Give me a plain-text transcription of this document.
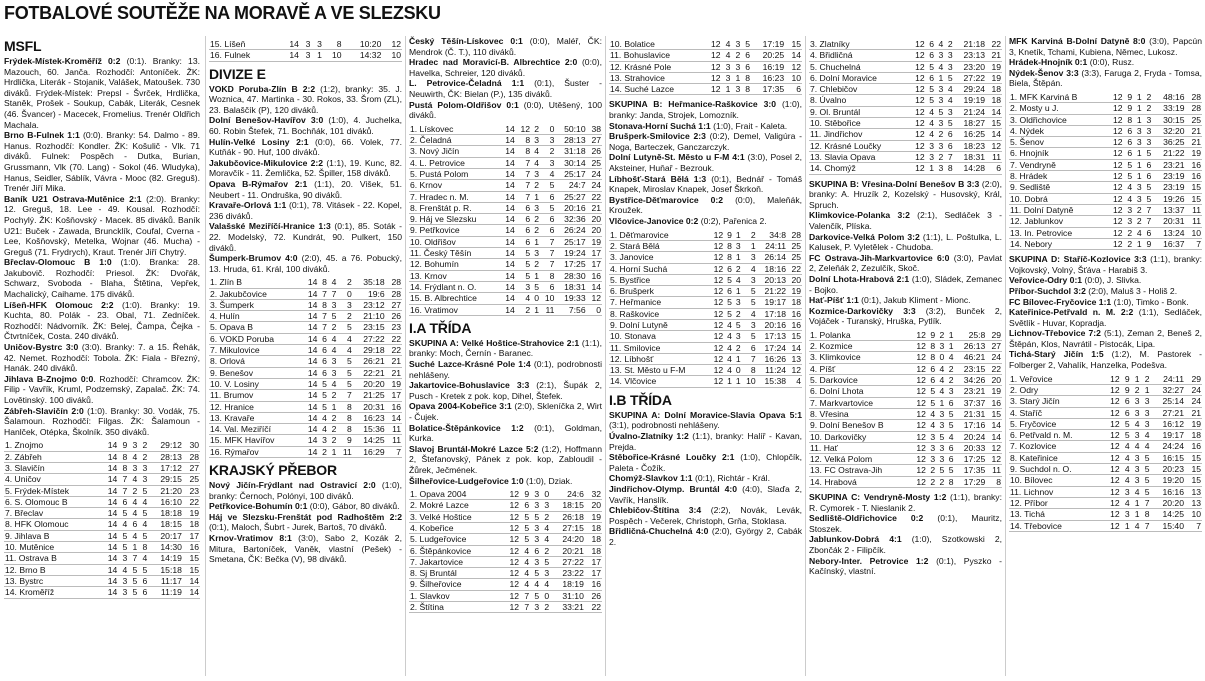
FOTBALOVÉ SOUTĚŽE NA MORAVĚ A VE SLEZSKU
MSFL
Frýdek-Místek-Kroměříž 0:2 (0:1). Branky: 13. Mazouch, 60. Janča. Rozhodčí: Antoníček. ŽK: Hrdlička, Literák - Stojanik, Valášek, Matoušek. 730 diváků. Frýdek-Místek: Prepsl - Švrček, Hrdlička, Staněk, Prošek - Soukup, Cabák, Literák, Cesnek (46. Švancer) - Macecek, Fromelius. Trenér Oldřich Machala.
Brno B-Fulnek 1:1 (0:0). Branky: 54. Dalmo - 89. Hanus. Rozhodčí: Kondler. ŽK: Košulič - Vlk. 71 diváků. Fulnek: Pospěch - Dutka, Burian, Grussmann, Vlk (70. Lang) - Sokol (46. Wludyka), Hanus, Seidler, Sáblík, Vávra - Mooc (82. Greguš). Trenér Jiří Mika.
Baník U21 Ostrava-Mutěnice 2:1 (2:0). Branky: 12. Greguš, 18. Lee - 49. Kousal. Rozhodčí: Pochylý. ŽK: Košňovský - Macek. 85 diváků. Baník U21: Buček - Zawada, Bruncklík, Coufal, Cverna - Lee, Košňovský, Metelka, Wojnar (46. Mucha) - Greguš (71. Frydrych), Kraut. Trenér Jiří Chytrý.
Břeclav-Olomouc B 1:0 (1:0). Branka: 28. Jakubovič. Rozhodčí: Priesol. ŽK: Dvořák, Schwarz, Svoboda - Blaha, Štětina, Vepřek, Machalický, Caihame. 175 diváků.
Líšeň-HFK Olomouc 2:2 (1:0). Branky: 19. Kuchta, 80. Polák - 23. Obal, 71. Zedníček. Rozhodčí: Nádvorník. ŽK: Belej, Čampa, Čejka - Čtvrtníček, Costa. 240 diváků.
Uničov-Bystrc 3:0 (3:0). Branky: 7. a 15. Řehák, 42. Nemet. Rozhodčí: Tobola. ŽK: Fiala - Březný, Hanák. 240 diváků.
Jihlava B-Znojmo 0:0. Rozhodčí: Chramcov. ŽK: Filip - Vavřík, Kruml, Podzemský, Zapalač. ŽK: 74. Lovětinský. 100 diváků.
Zábřeh-Slavičín 2:0 (1:0). Branky: 30. Vodák, 75. Šalamoun. Rozhodčí: Filgas. ŽK: Šalamoun - Hanlček, Otépka, Školník. 350 diváků.
1. Znojmo	14	9	3	2	29:12	30
2. Zábřeh	14	8	4	2	28:13	28
3. Slavičín	14	8	3	3	17:12	27
4. Uničov	14	7	4	3	29:15	25
5. Frýdek-Místek	14	7	2	5	21:20	23
6. S. Olomouc B	14	6	4	4	16:10	22
7. Břeclav	14	5	4	5	18:18	19
8. HFK Olomouc	14	4	6	4	18:15	18
9. Jihlava B	14	5	4	5	20:17	17
10. Mutěnice	14	5	1	8	14:30	16
11. Ostrava B	14	3	7	4	14:19	15
12. Brno B	14	4	5	5	15:18	15
13. Bystrc	14	3	5	6	11:17	14
14. Kroměříž	14	3	5	6	11:19	14
15. Líšeň	14	3	3	8	10:20	12
16. Fulnek	14	3	1	10	14:32	10
DIVIZE E
VOKD Poruba-Zlín B 2:2 (1:2), branky: 35. J. Woznica, 47. Martinka - 30. Rokos, 33. Šrom (ZL), 23. Balaščík (P), 120 diváků.
Dolní Benešov-Havířov 3:0 (1:0), 4. Juchelka, 60. Robin Štefek, 71. Bochňák, 101 diváků.
Hulín-Velké Losiny 2:1 (0:0), 66. Volek, 77. Kutňák - 90. Huf, 100 diváků.
Jakubčovice-Mikulovice 2:2 (1:1), 19. Kunc, 82. Moravčík - 11. Žemlička, 52. Špiller, 158 diváků.
Opava B-Rýmařov 2:1 (1:1), 20. Višek, 51. Neubert - 11. Ondruška, 90 diváků.
Kravaře-Orlová 1:1 (0:1), 78. Vitásek - 22. Kopel, 236 diváků.
Valašské Meziříčí-Hranice 1:3 (0:1), 85. Soták - 22. Modelský, 72. Kundrát, 90. Pulkert, 150 diváků.
Šumperk-Brumov 4:0 (2:0), 45. a 76. Pobucký, 13. Hruda, 61. Král, 100 diváků.
1. Zlín B	14	8	4	2	35:18	28
2. Jakubčovice	14	7	7	0	19:6	28
3. Šumperk	14	8	3	3	23:12	27
4. Hulín	14	7	5	2	21:10	26
5. Opava B	14	7	2	5	23:15	23
6. VOKD Poruba	14	6	4	4	27:22	22
7. Mikulovice	14	6	4	4	29:18	22
8. Orlová	14	6	3	5	26:21	21
9. Benešov	14	6	3	5	22:21	21
10. V. Losiny	14	5	4	5	20:20	19
11. Brumov	14	5	2	7	21:25	17
12. Hranice	14	5	1	8	20:31	16
13. Kravaře	14	4	2	8	16:23	14
14. Val. Meziříčí	14	4	2	8	15:36	11
15. MFK Havířov	14	3	2	9	14:25	11
16. Rýmařov	14	2	1	11	16:29	7
KRAJSKÝ PŘEBOR
Nový Jičín-Frýdlant nad Ostravicí 2:0 (1:0), branky: Černoch, Polónyi, 100 diváků.
Petřkovice-Bohumín 0:1 (0:0), Gábor, 80 diváků.
Háj ve Slezsku-Frenštát pod Radhoštěm 2:2 (0:1), Maloch, Šubrt - Jurek, Bartoš, 70 diváků.
Krnov-Vratimov 8:1 (3:0), Sabo 2, Kozák 2, Mitura, Bartoníček, Vaněk, vlastní (Pešek) - Smetana, ČK: Bečka (V), 98 diváků.
Český Těšín-Lískovec 0:1 (0:0), Maléř, ČK: Mendrok (Č. T.), 110 diváků.
Hradec nad Moravicí-B. Albrechtice 2:0 (0:0), Havelka, Schreier, 120 diváků.
L. Petrovice-Čeladná 1:1 (0:1), Šuster - Neuwirth, ČK: Bielan (P.), 135 diváků.
Pustá Polom-Oldřišov 0:1 (0:0), Utěšený, 100 diváků.
1. Lískovec	14	12	2	0	50:10	38
2. Čeladná	14	8	3	3	28:13	27
3. Nový Jičín	14	8	4	2	31:18	26
4. L. Petrovice	14	7	4	3	30:14	25
5. Pustá Polom	14	7	3	4	25:17	24
6. Krnov	14	7	2	5	24:7	24
7. Hradec n. M.	14	7	1	6	25:27	22
8. Frenštát p. R.	14	6	3	5	20:16	21
9. Háj ve Slezsku	14	6	2	6	32:36	20
9. Petřkovice	14	6	2	6	26:24	20
10. Oldřišov	14	6	1	7	25:17	19
11. Český Těšín	14	5	3	7	19:24	17
12. Bohumín	14	5	2	7	17:25	17
13. Krnov	14	5	1	8	28:30	16
14. Frýdlant n. O.	14	3	5	6	18:31	14
15. B. Albrechtice	14	4	0	10	19:33	12
16. Vratimov	14	2	1	11	7:56	0
I.A TŘÍDA
SKUPINA A: Velké Hoštice-Strahovice 2:1 (1:1), branky: Moch, Černín - Baranec.
Suché Lazce-Krásné Pole 1:4 (0:1), podrobnosti nehlášeny.
Jakartovice-Bohuslavice 3:3 (2:1), Šupák 2, Pusch - Kretek z pok. kop, Dihel, Štefek.
Opava 2004-Kobeřice 3:1 (2:0), Skleníčka 2, Wirt - Čujek.
Bolatice-Štěpánkovice 1:2 (0:1), Goldman, Kurka.
Slavoj Bruntál-Mokré Lazce 5:2 (1:2), Hoffmann 2, Štefanovský, Pánek z pok. kop, Zabloudil - Žůrek, Ječmének.
Šilheřovice-Ludgeřovice 1:0 (1:0), Dziak.
1. Opava 2004	12	9	3	0	24:6	32
2. Mokré Lazce	12	6	3	3	18:15	20
3. Velké Hoštice	12	5	5	2	26:18	19
4. Kobeřice	12	5	3	4	27:15	18
5. Ludgeřovice	12	5	3	4	24:20	18
6. Štěpánkovice	12	4	6	2	20:21	18
7. Jakartovice	12	4	3	5	27:22	17
8. Sj Bruntál	12	4	5	3	23:22	17
9. Šilheřovice	12	4	4	4	18:19	16
1. Slavkov	12	7	5	0	31:10	26
2. Štítina	12	7	3	2	33:21	22
10. Bolatice	12	4	3	5	17:19	15
11. Bohuslavice	12	4	2	6	20:25	14
12. Krásné Pole	12	3	3	6	16:19	12
13. Strahovice	12	3	1	8	16:23	10
14. Suché Lazce	12	1	3	8	17:35	6
SKUPINA B: Heřmanice-Raškovice 3:0 (1:0), branky: Janda, Strojek, Lomozník.
Stonava-Horní Suchá 1:1 (1:0), Frait - Kaleta.
Brušperk-Smilovice 2:3 (0:2), Demel, Valigúra - Noga, Barteczek, Ganczarczyk.
Dolní Lutyně-St. Město u F-M 4:1 (3:0), Posel 2, Aksteiner, Huňař - Bezrouk.
Líbhošť-Stará Bělá 1:3 (0:1), Bednář - Tomáš Knapek, Miroslav Knapek, Josef Škrkoň.
Bystřice-Děťmarovice 0:2 (0:0), Maleňák, Kroužek.
Vlčovice-Janovice 0:2 (0:2), Pařenica 2.
1. Děťmarovice	12	9	1	2	34:8	28
2. Stará Bělá	12	8	3	1	24:11	25
3. Janovice	12	8	1	3	26:14	25
4. Horní Suchá	12	6	2	4	18:16	22
5. Bystřice	12	5	4	3	20:13	20
6. Brušperk	12	6	1	5	21:22	19
7. Heřmanice	12	5	3	5	19:17	18
8. Raškovice	12	5	2	4	17:18	16
9. Dolní Lutyně	12	4	5	3	20:16	16
10. Stonava	12	4	3	5	17:13	15
11. Smilovice	12	4	2	6	17:24	14
12. Líbhošť	12	4	1	7	16:26	13
13. St. Město u F-M	12	4	0	8	11:24	12
14. Vlčovice	12	1	1	10	15:38	4
I.B TŘÍDA
SKUPINA A: Dolní Moravice-Slavia Opava 5:1 (3:1), podrobnosti nehlášeny.
Úvalno-Zlatníky 1:2 (1:1), branky: Halíř - Kavan, Prejda.
Stěbořice-Krásné Loučky 2:1 (1:0), Chlopčík, Paleta - Čožík.
Chomýž-Slavkov 1:1 (0:1), Richtár - Král.
Jindřichov-Olymp. Bruntál 4:0 (4:0), Slaďa 2, Vavřík, Hanslík.
Chlebičov-Štítina 3:4 (2:2), Novák, Levák, Pospěch - Večerek, Christoph, Grňa, Stoklasa.
Břidličná-Chuchelná 4:0 (2:0), György 2, Cabák 2.
3. Zlatníky	12	6	4	2	21:18	22
4. Břidličná	12	6	3	3	23:13	21
5. Chuchelná	12	5	4	3	23:20	19
6. Dolní Moravice	12	6	1	5	27:22	19
7. Chlebičov	12	5	3	4	29:24	18
8. Úvalno	12	5	3	4	19:19	18
9. Ol. Bruntál	12	4	5	3	21:24	14
10. Stěbořice	12	4	3	5	18:27	15
11. Jindřichov	12	4	2	6	16:25	14
12. Krásné Loučky	12	3	3	6	18:23	12
13. Slavia Opava	12	3	2	7	18:31	11
14. Chomýž	12	1	3	8	14:28	6
SKUPINA B: Vřesina-Dolní Benešov B 3:3 (2:0), branky: A. Hruzík 2, Kozelský - Husovský, Král, Spruch.
Klimkovice-Polanka 3:2 (2:1), Sedláček 3 - Valenčík, Plíska.
Darkovice-Velká Polom 3:2 (1:1), L. Poštulka, L. Kalusek, P. Vyletělek - Chudoba.
FC Ostrava-Jih-Markvartovice 6:0 (3:0), Pavlat 2, Zeleňák 2, Zezulčík, Skoč.
Dolní Lhota-Hrabová 2:1 (1:0), Sládek, Zemanec - Bojko.
Hať-Píšť 1:1 (0:1), Jakub Kliment - Mionc.
Kozmice-Darkovičky 3:3 (3:2), Bunček 2, Vojáček - Turanský, Hruška, Pytlík.
1. Polanka	12	9	2	1	25:8	29
2. Kozmice	12	8	3	1	26:13	27
3. Klimkovice	12	8	0	4	46:21	24
4. Píšť	12	6	4	2	23:15	22
5. Darkovice	12	6	4	2	34:26	20
6. Dolní Lhota	12	5	4	3	23:21	19
7. Markvartovice	12	5	1	6	37:37	16
8. Vřesina	12	4	3	5	21:31	15
9. Dolní Benešov B	12	4	3	5	17:16	14
10. Darkovičky	12	3	5	4	20:24	14
11. Hať	12	3	3	6	20:33	12
12. Velká Polom	12	3	3	6	17:25	12
13. FC Ostrava-Jih	12	2	5	5	17:35	11
14. Hrabová	12	2	2	8	17:29	8
SKUPINA C: Vendryně-Mosty 1:2 (1:1), branky: R. Cymorek - T. Nieslanik 2.
Sedliště-Oldřichovice 0:2 (0:1), Mauritz, Stoszek.
Jablunkov-Dobrá 4:1 (1:0), Szotkowski 2, Zbončák 2 - Filipčík.
Nebory-Inter. Petrovice 1:2 (0:1), Pyszko - Kačínský, vlastní.
MFK Karviná B-Dolní Datyně 8:0 (3:0), Papcún 3, Knetík, Tchami, Kubiena, Němec, Lukosz.
Hrádek-Hnojník 0:1 (0:0), Rusz.
Nýdek-Šenov 3:3 (3:3), Faruga 2, Fryda - Tomsa, Biela, Štěpán.
1. MFK Karviná B	12	9	1	2	48:16	28
2. Mosty u J.	12	9	1	2	33:19	28
3. Oldřichovice	12	8	1	3	30:15	25
4. Nýdek	12	6	3	3	32:20	21
5. Šenov	12	6	3	3	36:25	21
6. Hnojník	12	6	1	5	21:22	19
7. Vendryně	12	5	1	6	23:21	16
8. Hrádek	12	5	1	6	23:19	16
9. Sedliště	12	4	3	5	23:19	15
10. Dobrá	12	4	3	5	19:26	15
11. Dolní Datyně	12	3	2	7	13:37	11
12. Jablunkov	12	3	2	7	20:31	11
13. In. Petrovice	12	2	4	6	13:24	10
14. Nebory	12	2	1	9	16:37	7
SKUPINA D: Staříč-Kozlovice 3:3 (1:1), branky: Vojkovský, Volný, Šťáva - Harabiš 3.
Veřovice-Odry 0:1 (0:0), J. Slivka.
Příbor-Suchdol 3:2 (2:0), Maluš 3 - Holiš 2.
FC Bílovec-Fryčovice 1:1 (1:0), Timko - Bonk.
Kateřinice-Petřvald n. M. 2:2 (1:1), Sedláček, Světlík - Huvar, Kopradja.
Lichnov-Třebovice 7:2 (5:1), Zeman 2, Beneš 2, Štěpán, Klos, Navrátil - Pistocák, Lipa.
Tichá-Starý Jičín 1:5 (1:2), M. Pastorek - Folberger 2, Vahalík, Hanzelka, Podešva.
1. Veřovice	12	9	1	2	24:11	29
2. Odry	12	9	2	1	32:27	24
3. Starý Jičín	12	6	3	3	25:14	24
4. Staříč	12	6	3	3	27:21	21
5. Fryčovice	12	5	4	3	16:12	19
6. Petřvald n. M.	12	5	3	4	19:17	18
7. Kozlovice	12	4	4	4	24:24	16
8. Kateřinice	12	4	3	5	16:15	15
9. Suchdol n. O.	12	4	3	5	20:23	15
10. Bílovec	12	4	3	5	19:20	15
11. Lichnov	12	3	4	5	16:16	13
12. Příbor	12	4	1	7	20:20	13
13. Tichá	12	3	1	8	14:25	10
14. Třebovice	12	1	4	7	15:40	7
